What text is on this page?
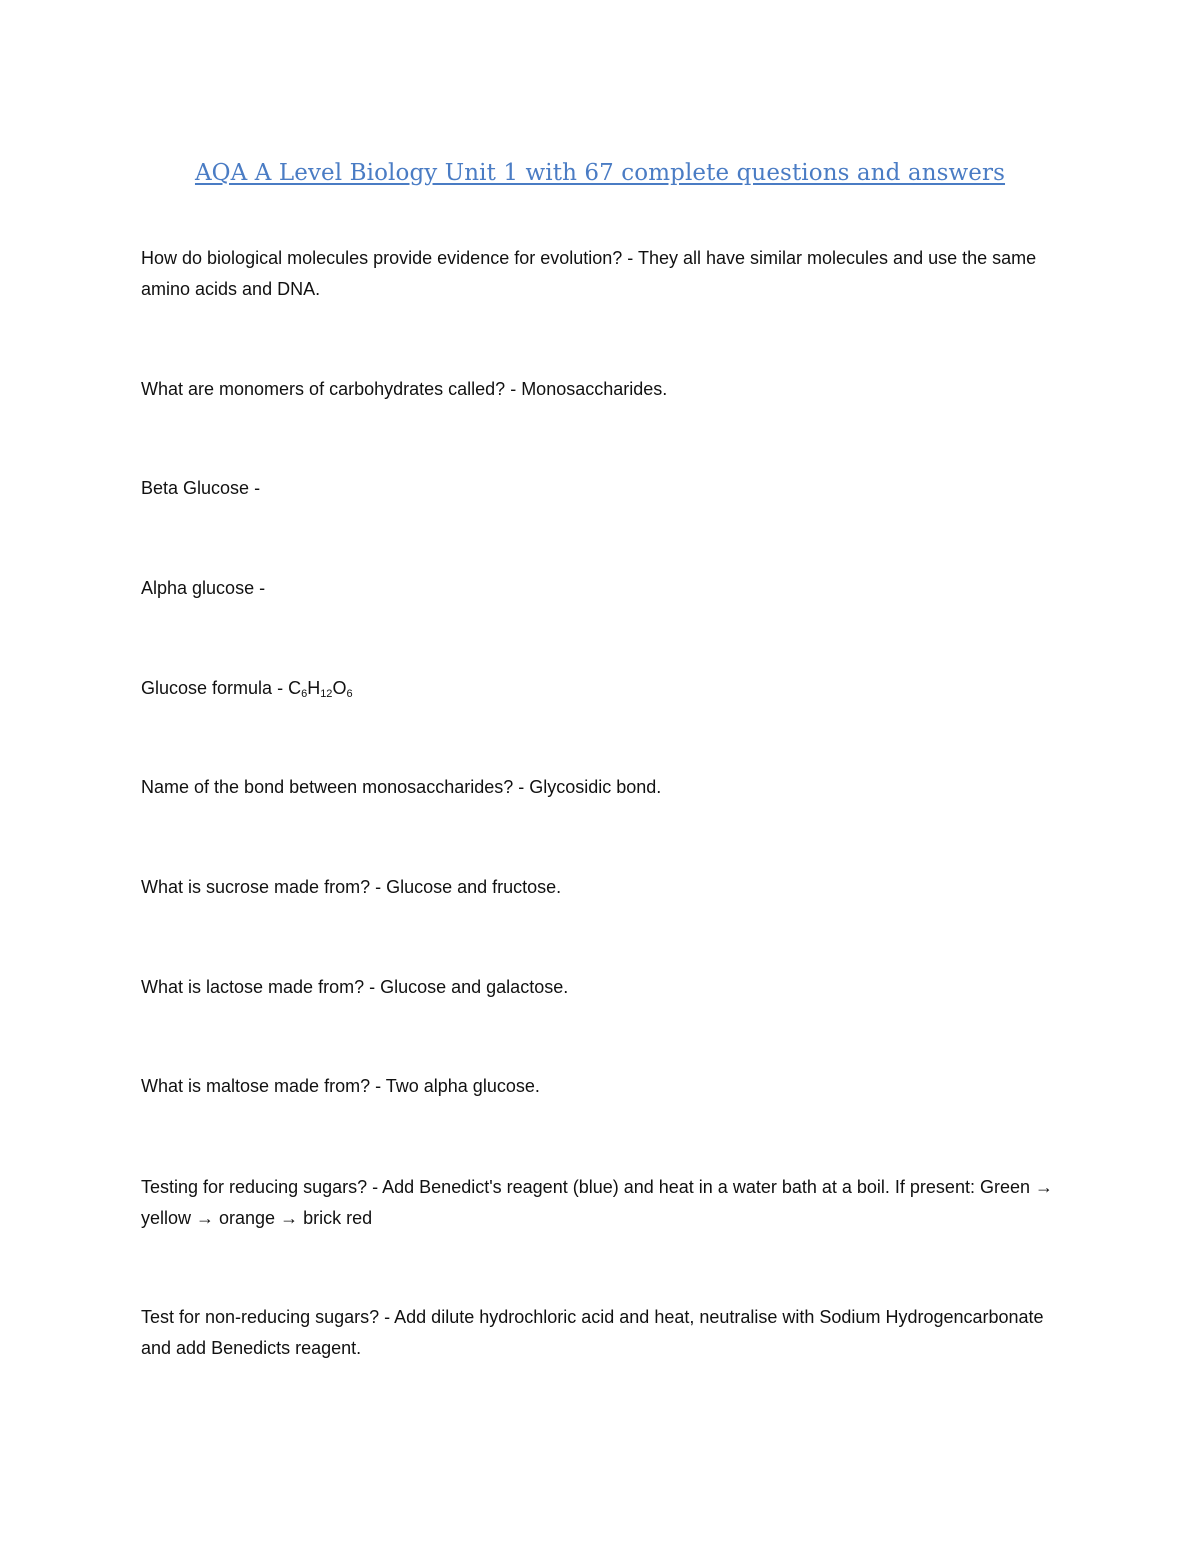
AQA A Level Biology Unit 1 with 67 complete questions and answers

How do biological molecules provide evidence for evolution? - They all have similar molecules and use the same amino acids and DNA.

What are monomers of carbohydrates called? - Monosaccharides.

Beta Glucose -

Alpha glucose -

Glucose formula - $C_6H_{12}O_6$

Name of the bond between monosaccharides? - Glycosidic bond.

What is sucrose made from? - Glucose and fructose.

What is lactose made from? - Glucose and galactose.

What is maltose made from? - Two alpha glucose.

Testing for reducing sugars? - Add Benedict's reagent (blue) and heat in a water bath at a boil. If present: Green → yellow → orange → brick red

Test for non-reducing sugars? - Add dilute hydrochloric acid and heat, neutralise with Sodium Hydrogencarbonate and add Benedicts reagent.
